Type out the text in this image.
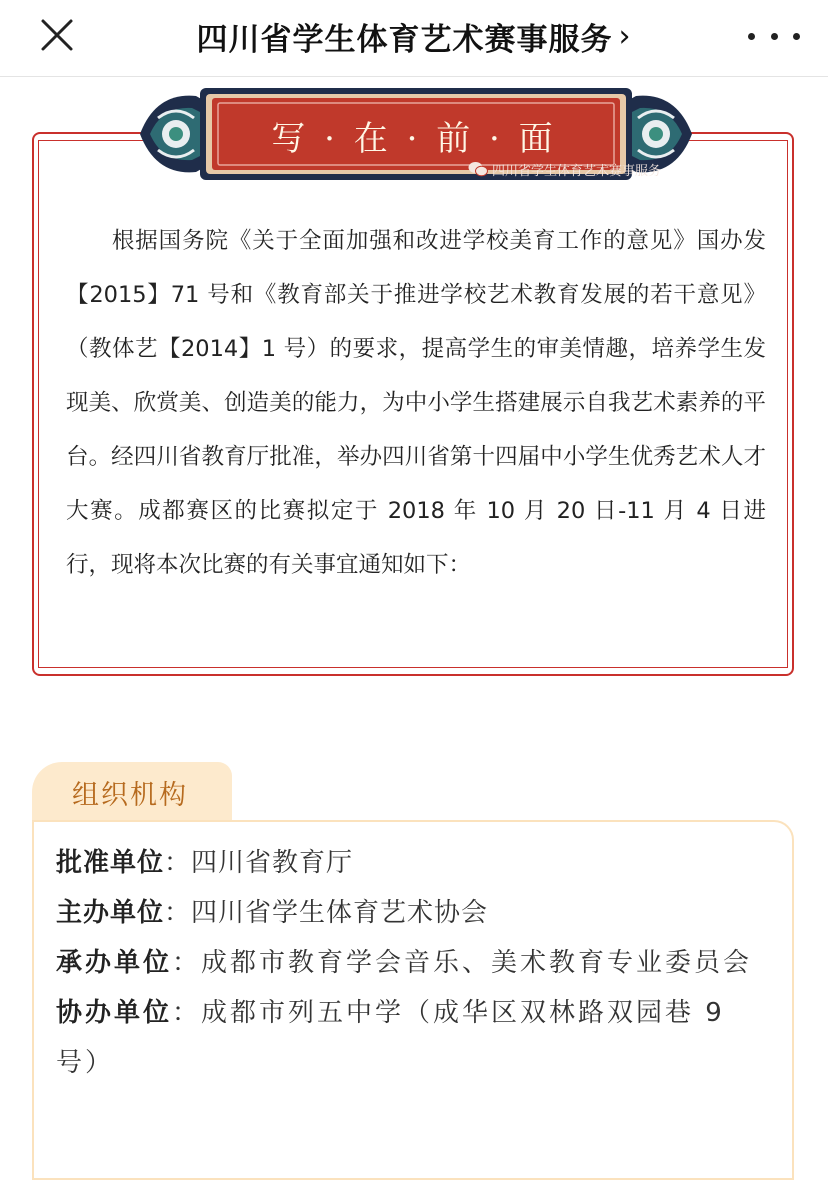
四川省学生体育艺术赛事服务 ›
写 · 在 · 前 · 面
四川省学生体育艺术赛事服务

根据国务院《关于全面加强和改进学校美育工作的意见》国办发【2015】71 号和《教育部关于推进学校艺术教育发展的若干意见》（教体艺【2014】1 号）的要求，提高学生的审美情趣，培养学生发现美、欣赏美、创造美的能力，为中小学生搭建展示自我艺术素养的平台。经四川省教育厅批准，举办四川省第十四届中小学生优秀艺术人才大赛。成都赛区的比赛拟定于 2018 年 10 月 20 日-11 月 4 日进行，现将本次比赛的有关事宜通知如下：

组织机构
批准单位：四川省教育厅
主办单位：四川省学生体育艺术协会
承办单位：成都市教育学会音乐、美术教育专业委员会
协办单位：成都市列五中学（成华区双林路双园巷 9 号）
